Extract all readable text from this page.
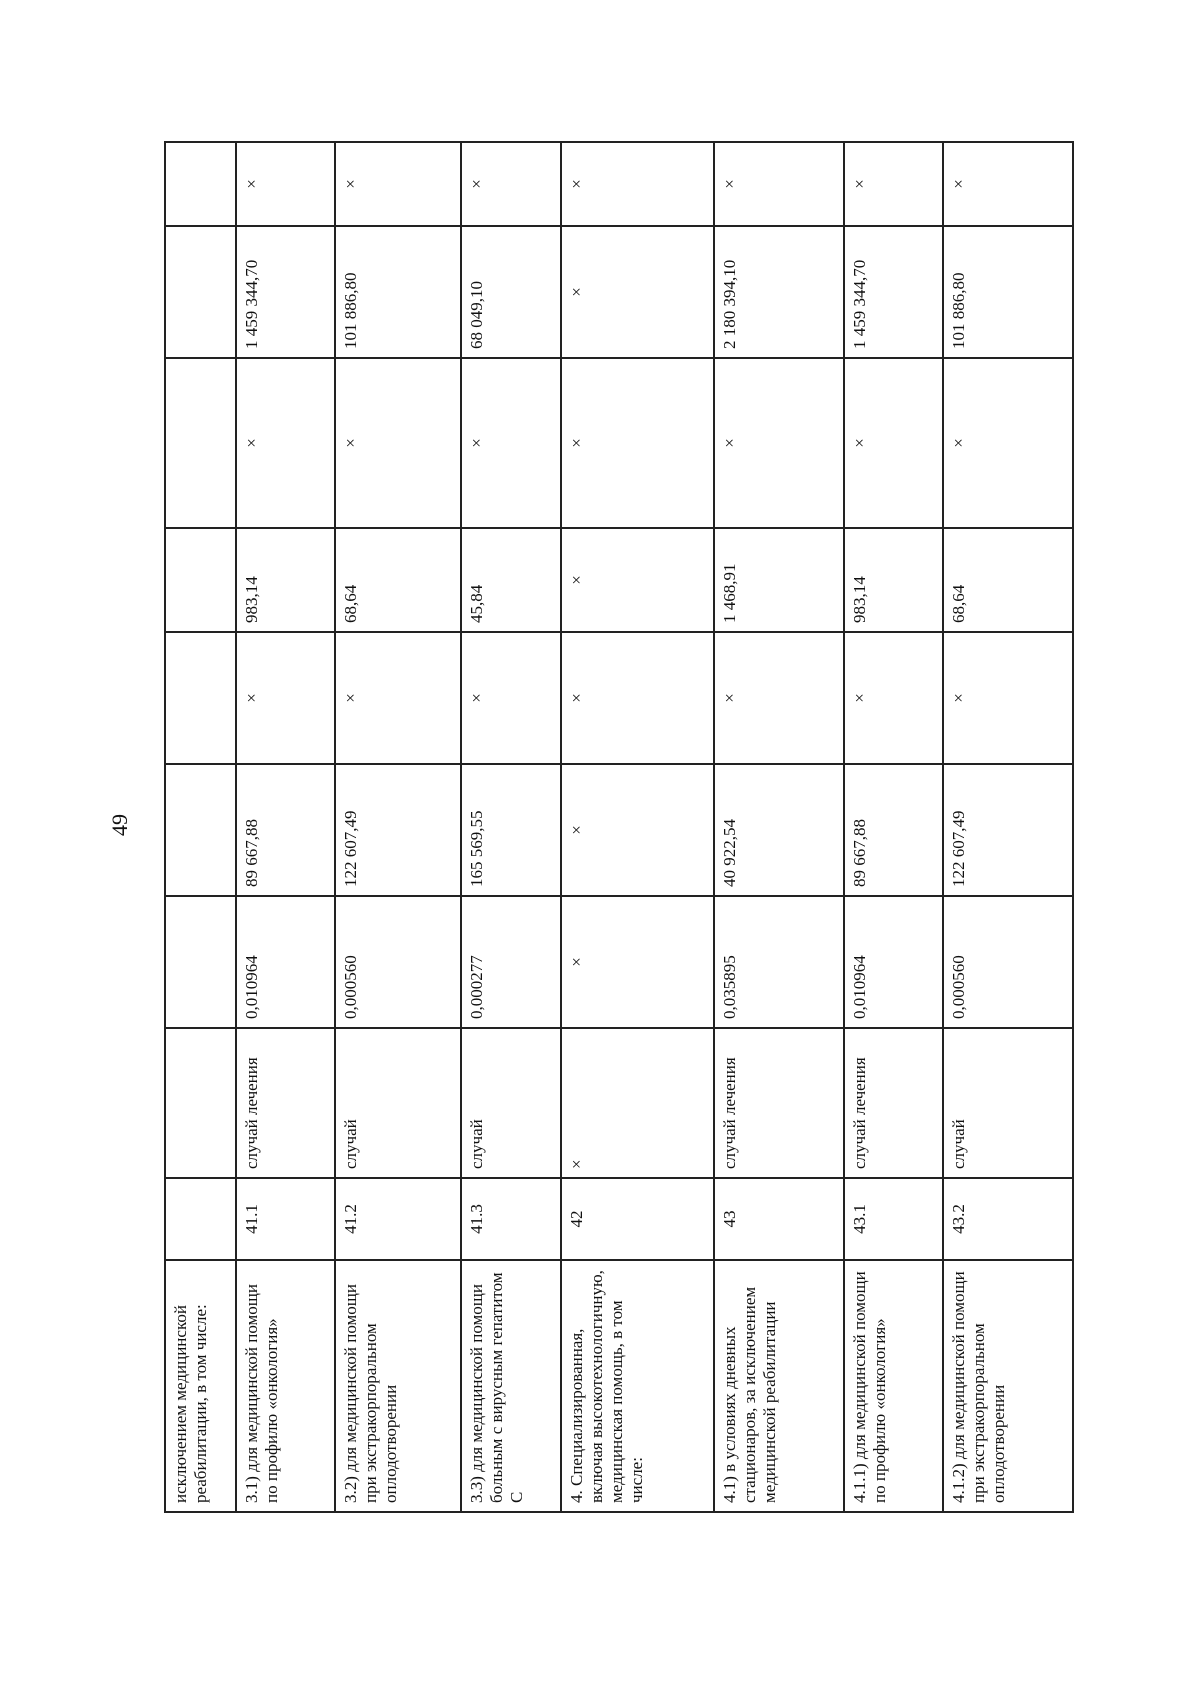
49
исключением медицинской реабилитации, в том числе:									
3.1) для медицинской помощи по профилю «онкология»	41.1	случай лечения	0,010964	89 667,88	×	983,14	×	1 459 344,70	×
3.2) для медицинской помощи при экстракорпоральном оплодотворении	41.2	случай	0,000560	122 607,49	×	68,64	×	101 886,80	×
3.3) для медицинской помощи больным с вирусным гепатитом С	41.3	случай	0,000277	165 569,55	×	45,84	×	68 049,10	×
4. Специализированная, включая высокотехнологичную, медицинская помощь, в том числе:	42	×	×	×	×	×	×	×	×
4.1) в условиях дневных стационаров, за исключением медицинской реабилитации	43	случай лечения	0,035895	40 922,54	×	1 468,91	×	2 180 394,10	×
4.1.1) для медицинской помощи по профилю «онкология»	43.1	случай лечения	0,010964	89 667,88	×	983,14	×	1 459 344,70	×
4.1.2) для медицинской помощи при экстракорпоральном оплодотворении	43.2	случай	0,000560	122 607,49	×	68,64	×	101 886,80	×
